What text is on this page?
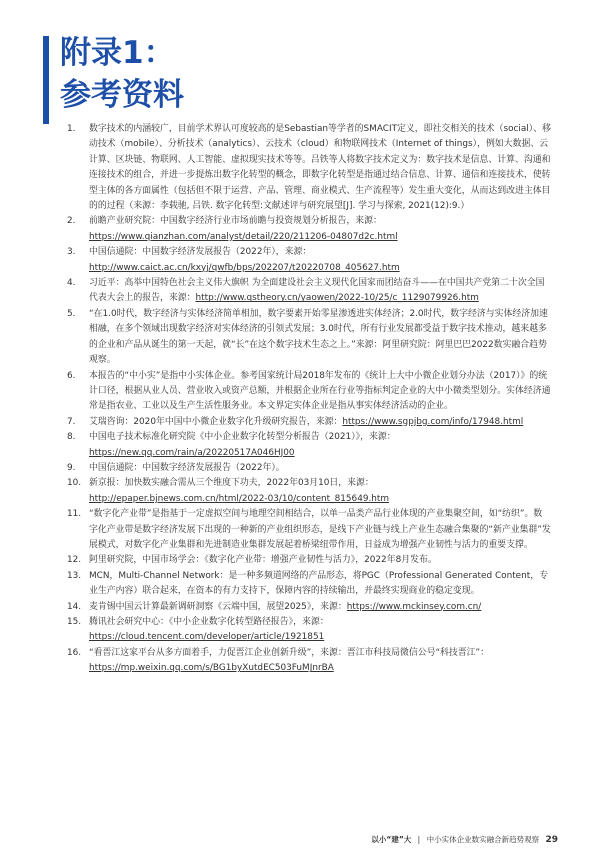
附录1：
参考资料
1.	数字技术的内涵较广，目前学术界认可度较高的是Sebastian等学者的SMACIT定义，即社交相关的技术（social）、移动技术（mobile）、分析技术（analytics）、云技术（cloud）和物联网技术（Internet of things），例如大数据、云计算、区块链、物联网、人工智能、虚拟现实技术等等。吕铁等人将数字技术定义为：数字技术是信息、计算、沟通和连接技术的组合，并进一步提炼出数字化转型的概念，即数字化转型是指通过结合信息、计算、通信和连接技术，使转型主体的各方面属性（包括但不限于运营、产品、管理、商业模式、生产流程等）发生重大变化，从而达到改进主体目的的过程（来源：李载驰, 吕铁. 数字化转型:文献述评与研究展望[J]. 学习与探索, 2021(12):9.）
2.	前瞻产业研究院：中国数字经济行业市场前瞻与投资规划分析报告，来源：https://www.qianzhan.com/analyst/detail/220/211206-04807d2c.html
3.	中国信通院：中国数字经济发展报告（2022年），来源：http://www.caict.ac.cn/kxyj/qwfb/bps/202207/t20220708_405627.htm
4.	习近平：高举中国特色社会主义伟大旗帜 为全面建设社会主义现代化国家而团结奋斗——在中国共产党第二十次全国代表大会上的报告，来源：http://www.qstheory.cn/yaowen/2022-10/25/c_1129079926.htm
5.	“在1.0时代，数字经济与实体经济简单相加，数字要素开始零星渗透进实体经济；2.0时代，数字经济与实体经济加速相融，在多个领域出现数字经济对实体经济的引领式发展；3.0时代，所有行业发展都受益于数字技术推动，越来越多的企业和产品从诞生的第一天起，就“长”在这个数字技术生态之上。”来源：阿里研究院：阿里巴巴2022数实融合趋势观察。
6.	本报告的“中小实”是指中小实体企业。参考国家统计局2018年发布的《统计上大中小微企业划分办法（2017）》的统计口径，根据从业人员、营业收入或资产总额，并根据企业所在行业等指标判定企业的大中小微类型划分。实体经济通常是指农业、工业以及生产生活性服务业。本文界定实体企业是指从事实体经济活动的企业。
7.	艾瑞咨询：2020年中国中小微企业数字化升级研究报告，来源：https://www.sgpjbg.com/info/17948.html
8.	中国电子技术标准化研究院《中小企业数字化转型分析报告（2021）》，来源：https://new.qq.com/rain/a/20220517A046HJ00
9.	中国信通院：中国数字经济发展报告（2022年）。
10. 新京报：加快数实融合需从三个维度下功夫，2022年03月10日，来源：http://epaper.bjnews.com.cn/html/2022-03/10/content_815649.htm
11. “数字化产业带”是指基于一定虚拟空间与地理空间相结合，以单一品类产品行业体现的产业集聚空间，如“纺织”。数字化产业带是数字经济发展下出现的一种新的产业组织形态，是线下产业链与线上产业生态融合集聚的“新产业集群”发展模式，对数字化产业集群和先进制造业集群发展起着桥梁纽带作用，日益成为增强产业韧性与活力的重要支撑。
12. 阿里研究院，中国市场学会：《数字化产业带：增强产业韧性与活力》，2022年8月发布。
13. MCN，Multi-Channel Network：是一种多频道网络的产品形态，将PGC（Professional Generated Content，专业生产内容）联合起来，在资本的有力支持下，保障内容的持续输出，并最终实现商业的稳定变现。
14. 麦肯锡中国云计算最新调研洞察《云端中国，展望2025》，来源：https://www.mckinsey.com.cn/
15. 腾讯社会研究中心：《中小企业数字化转型路径报告》，来源：https://cloud.tencent.com/developer/article/1921851
16. “看晋江这家平台从多方面着手，力促晋江企业创新升级”，来源：晋江市科技局微信公号“科技晋江”：https://mp.weixin.qq.com/s/BG1byXutdEC503FuMJnrBA
以小“建”大 | 中小实体企业数实融合新趋势观察 29
